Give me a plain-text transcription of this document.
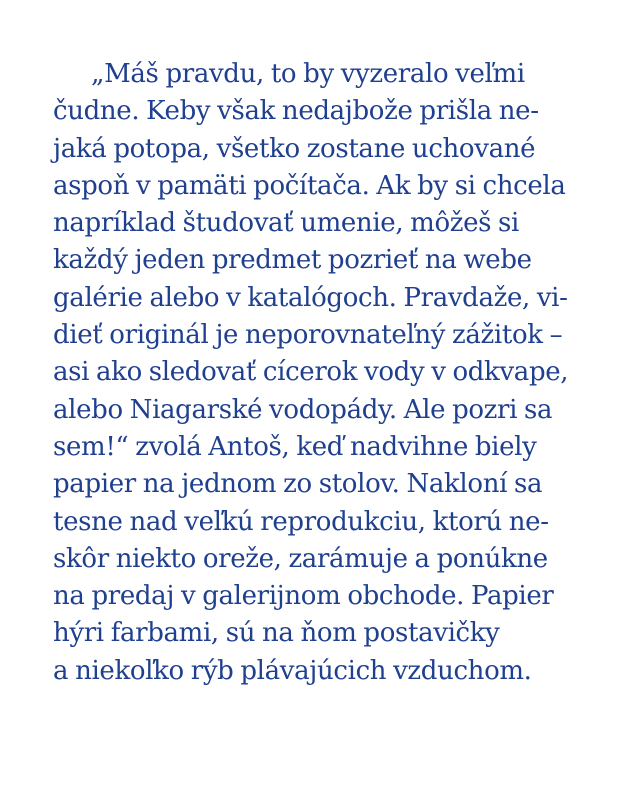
„Máš pravdu, to by vyzeralo veľmi
čudne. Keby však nedajbože prišla ne-
jaká potopa, všetko zostane uchované
aspoň v pamäti počítača. Ak by si chcela
napríklad študovať umenie, môžeš si
každý jeden predmet pozrieť na webe
galérie alebo v katalógoch. Pravdaže, vi-
dieť originál je neporovnateľný zážitok –
asi ako sledovať cícerok vody v odkvape,
alebo Niagarské vodopády. Ale pozri sa
sem!“ zvolá Antoš, keď nadvihne biely
papier na jednom zo stolov. Nakloní sa
tesne nad veľkú reprodukciu, ktorú ne-
skôr niekto oreže, zarámuje a ponúkne
na predaj v galerijnom obchode. Papier
hýri farbami, sú na ňom postavičky
a niekoľko rýb plávajúcich vzduchom.
